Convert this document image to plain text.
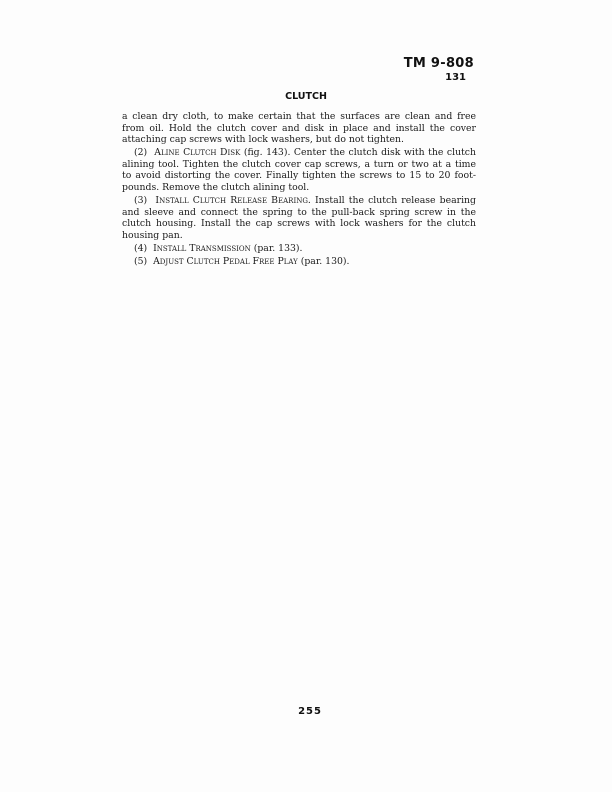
TM 9-808
131
CLUTCH

a clean dry cloth, to make certain that the surfaces are clean and free from oil. Hold the clutch cover and disk in place and install the cover attaching cap screws with lock washers, but do not tighten.

(2) Aline Clutch Disk (fig. 143). Center the clutch disk with the clutch alining tool. Tighten the clutch cover cap screws, a turn or two at a time to avoid distorting the cover. Finally tighten the screws to 15 to 20 foot-pounds. Remove the clutch alining tool.

(3) Install Clutch Release Bearing. Install the clutch release bearing and sleeve and connect the spring to the pull-back spring screw in the clutch housing. Install the cap screws with lock washers for the clutch housing pan.

(4) Install Transmission (par. 133).

(5) Adjust Clutch Pedal Free Play (par. 130).

255
